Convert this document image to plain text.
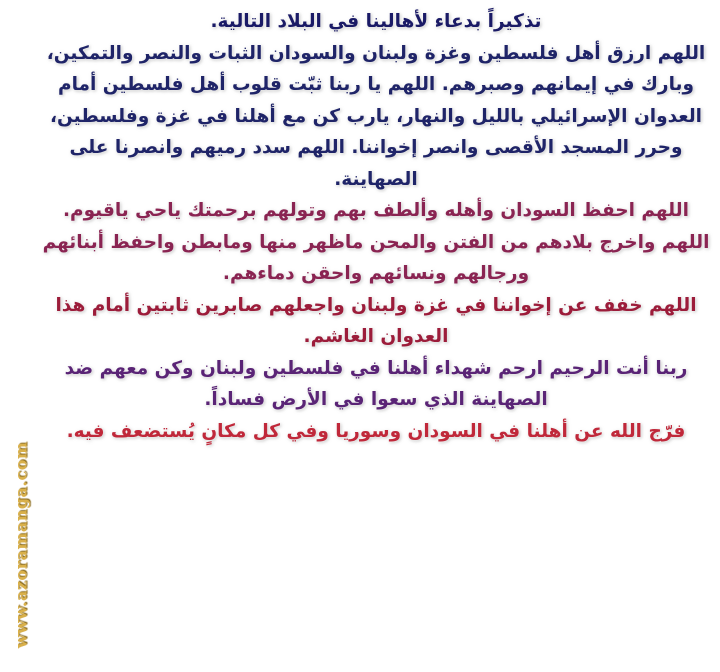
تذكيراً بدعاء لأهالينا في البلاد التالية.

اللهم ارزق أهل فلسطين وغزة ولبنان والسودان الثبات والنصر والتمكين، وبارك في إيمانهم وصبرهم. اللهم يا ربنا ثبّت قلوب أهل فلسطين أمام العدوان الإسرائيلي بالليل والنهار، يارب كن مع أهلنا في غزة وفلسطين، وحرر المسجد الأقصى وانصر إخواننا. اللهم سدد رميهم وانصرنا على الصهاينة.

اللهم احفظ السودان وأهله وألطف بهم وتولهم برحمتك ياحي ياقيوم. اللهم واخرج بلادهم من الفتن والمحن ماظهر منها ومابطن واحفظ أبنائهم ورجالهم ونسائهم واحقن دماءهم.

اللهم خفف عن إخواننا في غزة ولبنان واجعلهم صابرين ثابتين أمام هذا العدوان الغاشم.

ربنا أنت الرحيم ارحم شهداء أهلنا في فلسطين ولبنان وكن معهم ضد الصهاينة الذي سعوا في الأرض فساداً.

فرّج الله عن أهلنا في السودان وسوريا وفي كل مكانٍ يُستضعف فيه.

www.azoramanga.com
